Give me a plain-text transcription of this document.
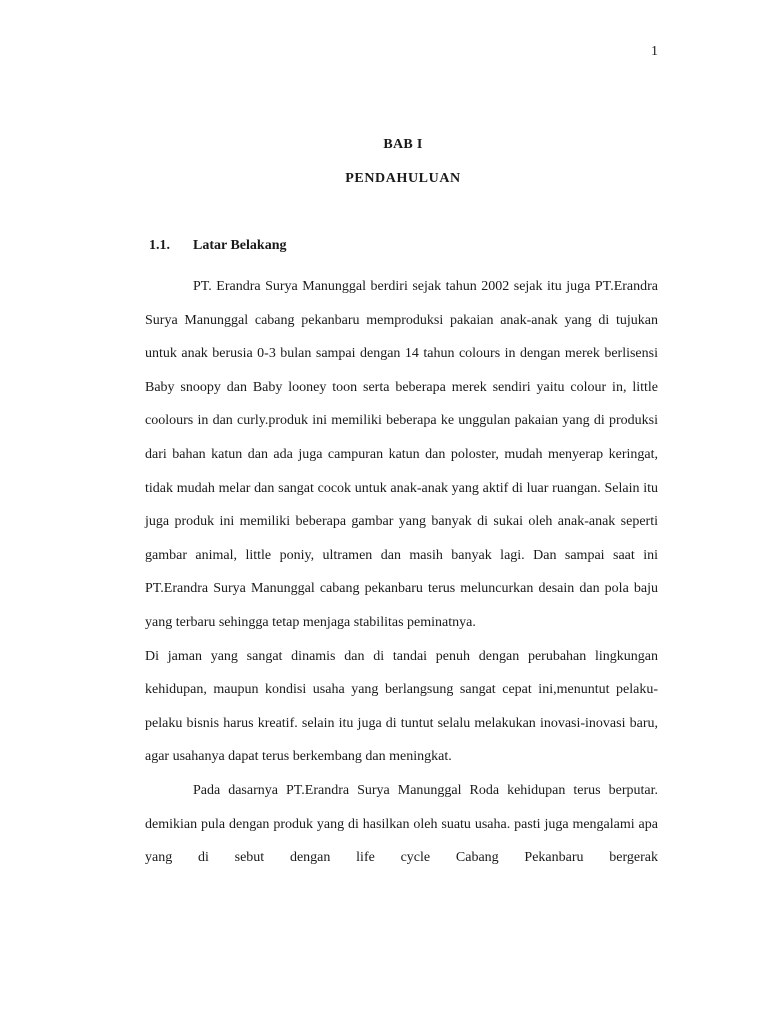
1
BAB I
PENDAHULUAN
1.1. Latar Belakang

PT. Erandra Surya Manunggal berdiri sejak tahun 2002 sejak itu juga PT.Erandra Surya Manunggal cabang pekanbaru memproduksi pakaian anak-anak yang di tujukan untuk anak berusia 0-3 bulan sampai dengan 14 tahun colours in dengan merek berlisensi Baby snoopy dan Baby looney toon serta beberapa merek sendiri yaitu colour in, little coolours in dan curly.produk ini memiliki beberapa ke unggulan pakaian yang di produksi dari bahan katun dan ada juga campuran katun dan poloster, mudah menyerap keringat, tidak mudah melar dan sangat cocok untuk anak-anak yang aktif di luar ruangan. Selain itu juga produk ini memiliki beberapa gambar yang banyak di sukai oleh anak-anak seperti gambar animal, little poniy, ultramen dan masih banyak lagi. Dan sampai saat ini PT.Erandra Surya Manunggal cabang pekanbaru terus meluncurkan desain dan pola baju yang terbaru sehingga tetap menjaga stabilitas peminatnya.

Di jaman yang sangat dinamis dan di tandai penuh dengan perubahan lingkungan kehidupan, maupun kondisi usaha yang berlangsung sangat cepat ini,menuntut pelaku-pelaku bisnis harus kreatif. selain itu juga di tuntut selalu melakukan inovasi-inovasi baru, agar usahanya dapat terus berkembang dan meningkat.

Pada dasarnya PT.Erandra Surya Manunggal Roda kehidupan terus berputar. demikian pula dengan produk yang di hasilkan oleh suatu usaha. pasti juga mengalami apa yang di sebut dengan life cycle Cabang Pekanbaru bergerak
